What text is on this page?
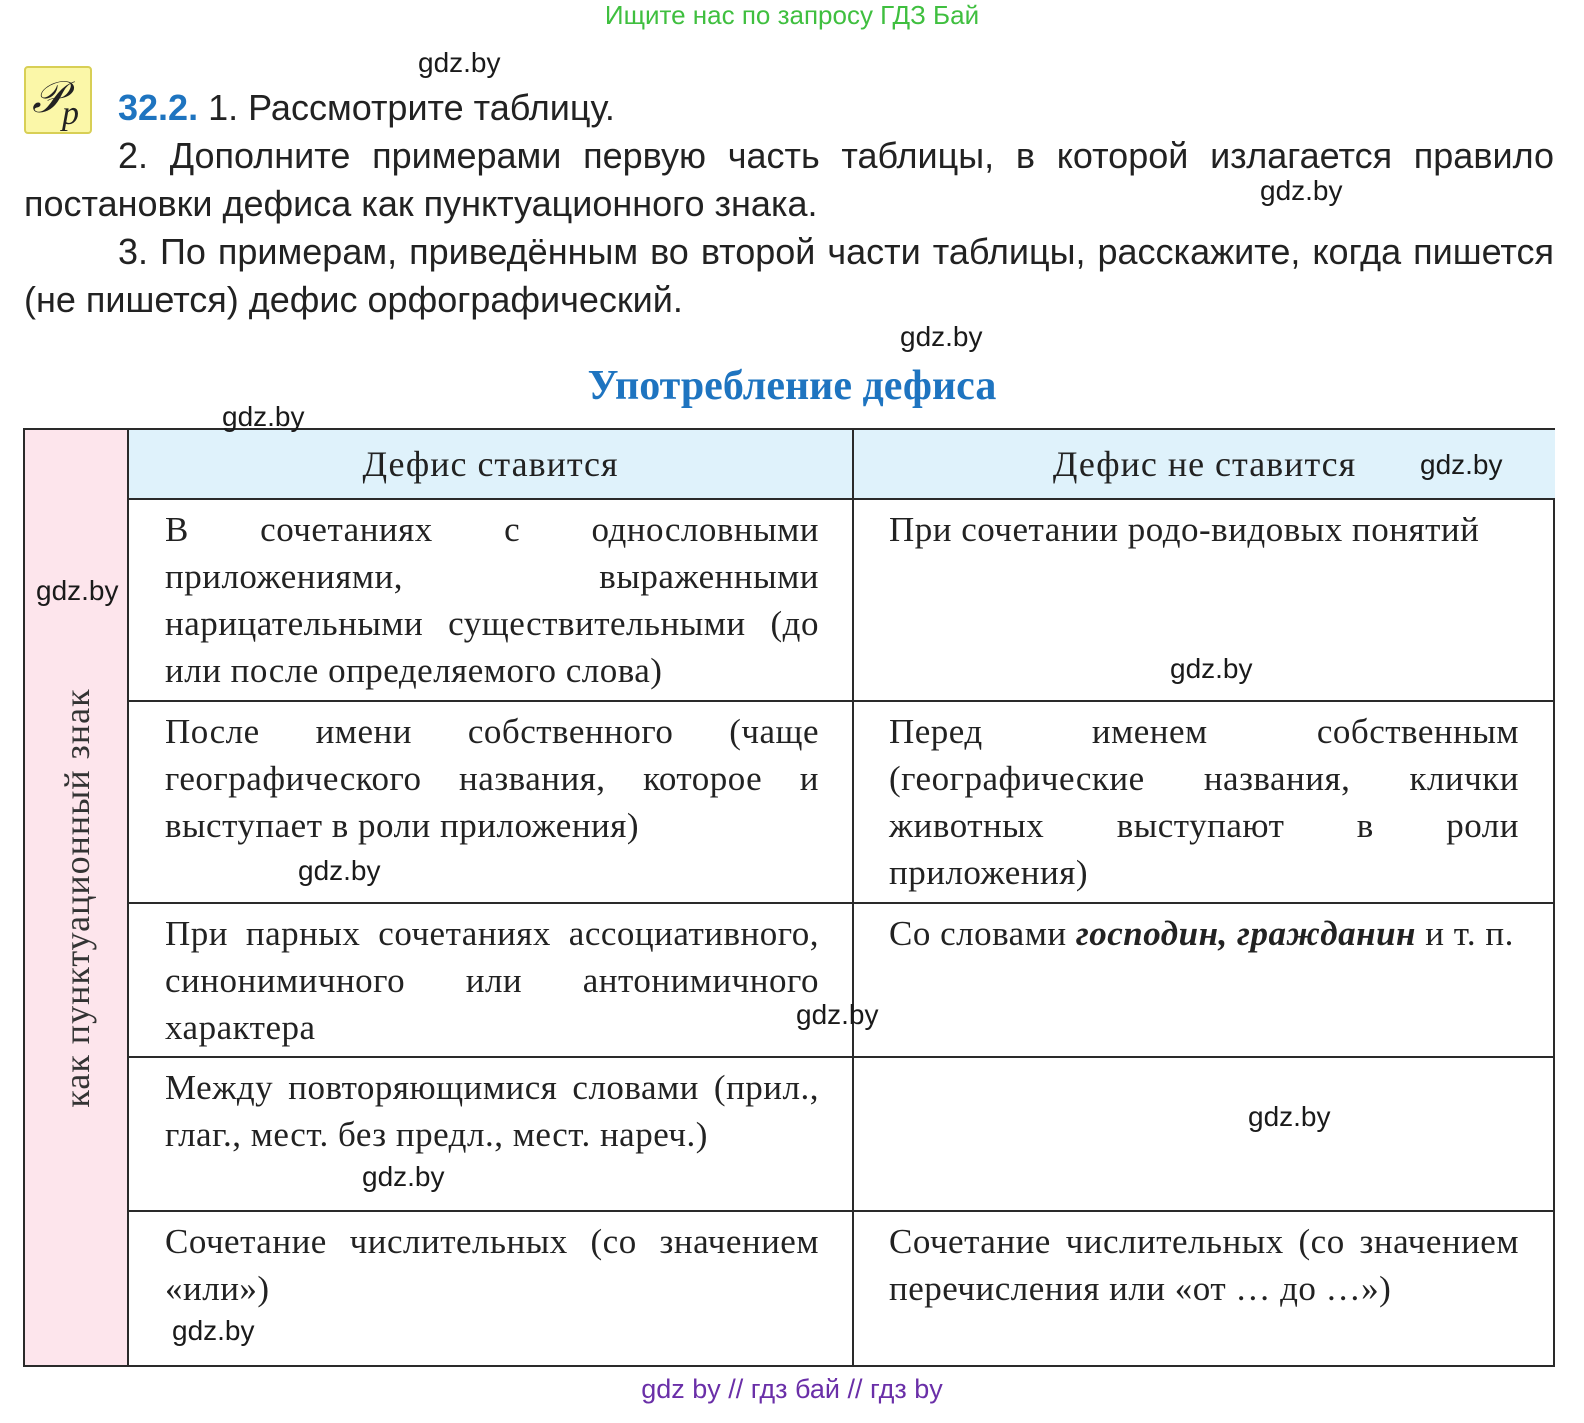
Ищите нас по запросу ГДЗ Бай
𝒫
p	32.2. 1. Рассмотрите таблицу.

2. Дополните примерами первую часть таблицы, в которой излагается правило постановки дефиса как пунктуационного знака.

3. По примерам, приведённым во второй части таблицы, расскажите, когда пишется (не пишется) дефис орфографический.

Употребление дефиса
как пунктуационный знак
Дефис ставится	Дефис не ставится
В сочетаниях с однословными приложениями, выраженными нарицательными существительными (до или после определяемого слова)
При сочетании родо-видовых понятий
После имени собственного (чаще географического названия, которое и выступает в роли приложения)
Перед именем собственным (географические названия, клички животных выступают в роли приложения)
При парных сочетаниях ассоциативного, синонимичного или антонимичного характера
Со словами господин, гражданин и т. п.
Между повторяющимися словами (прил., глаг., мест. без предл., мест. нареч.)
Сочетание числительных (со значением «или»)
Сочетание числительных (со значением перечисления или «от … до …»)
gdz.by
gdz.by
gdz.by
gdz.by
gdz.by
gdz.by
gdz.by
gdz.by
gdz.by
gdz.by
gdz.by
gdz.by
gdz by // гдз бай // гдз by
